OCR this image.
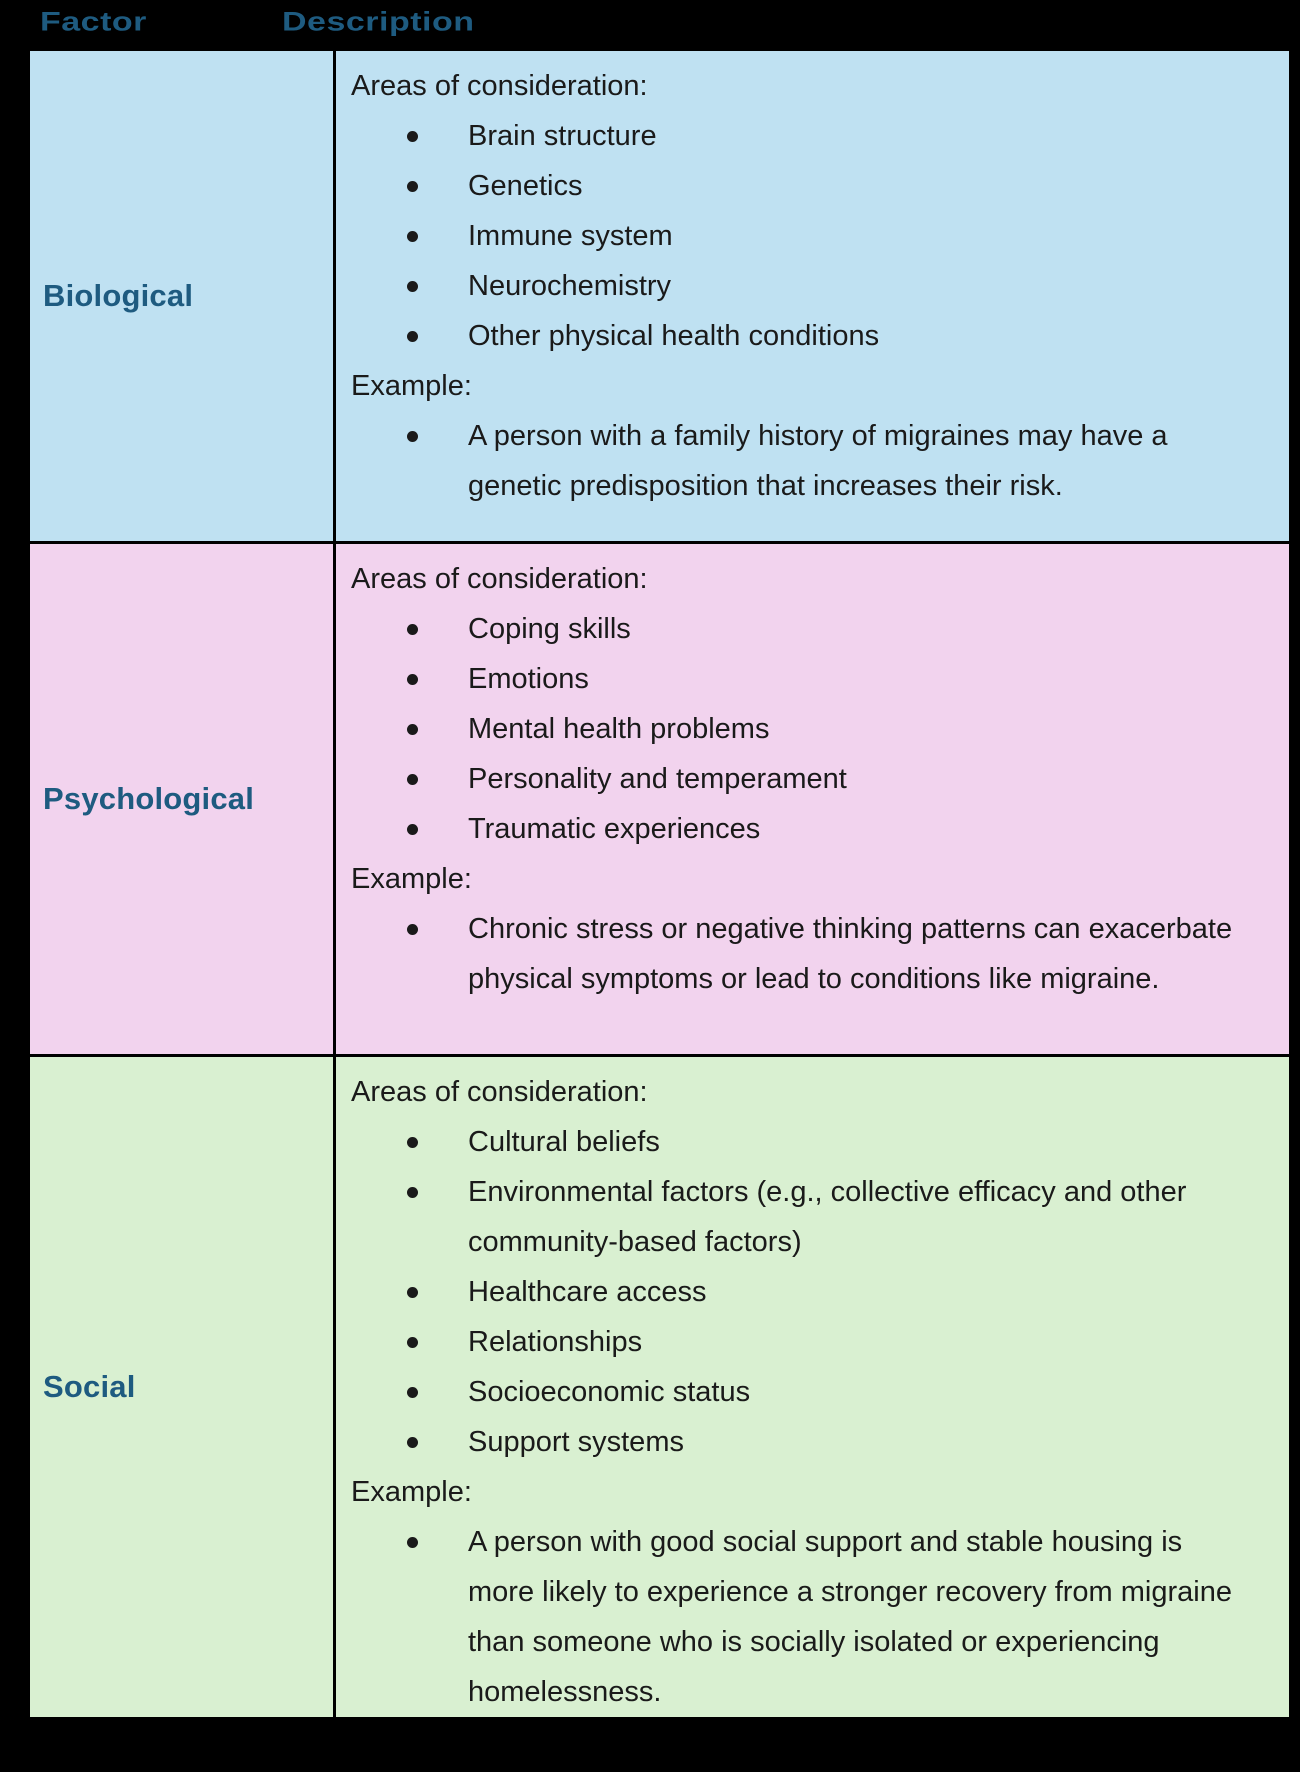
Factor	Description
Biological
Areas of consideration:
Brain structure
Genetics
Immune system
Neurochemistry
Other physical health conditions
Example:
A person with a family history of migraines may have a genetic predisposition that increases their risk.
Psychological
Areas of consideration:
Coping skills
Emotions
Mental health problems
Personality and temperament
Traumatic experiences
Example:
Chronic stress or negative thinking patterns can exacerbate physical symptoms or lead to conditions like migraine.
Social
Areas of consideration:
Cultural beliefs
Environmental factors (e.g., collective efficacy and other community-based factors)
Healthcare access
Relationships
Socioeconomic status
Support systems
Example:
A person with good social support and stable housing is more likely to experience a stronger recovery from migraine than someone who is socially isolated or experiencing homelessness.
